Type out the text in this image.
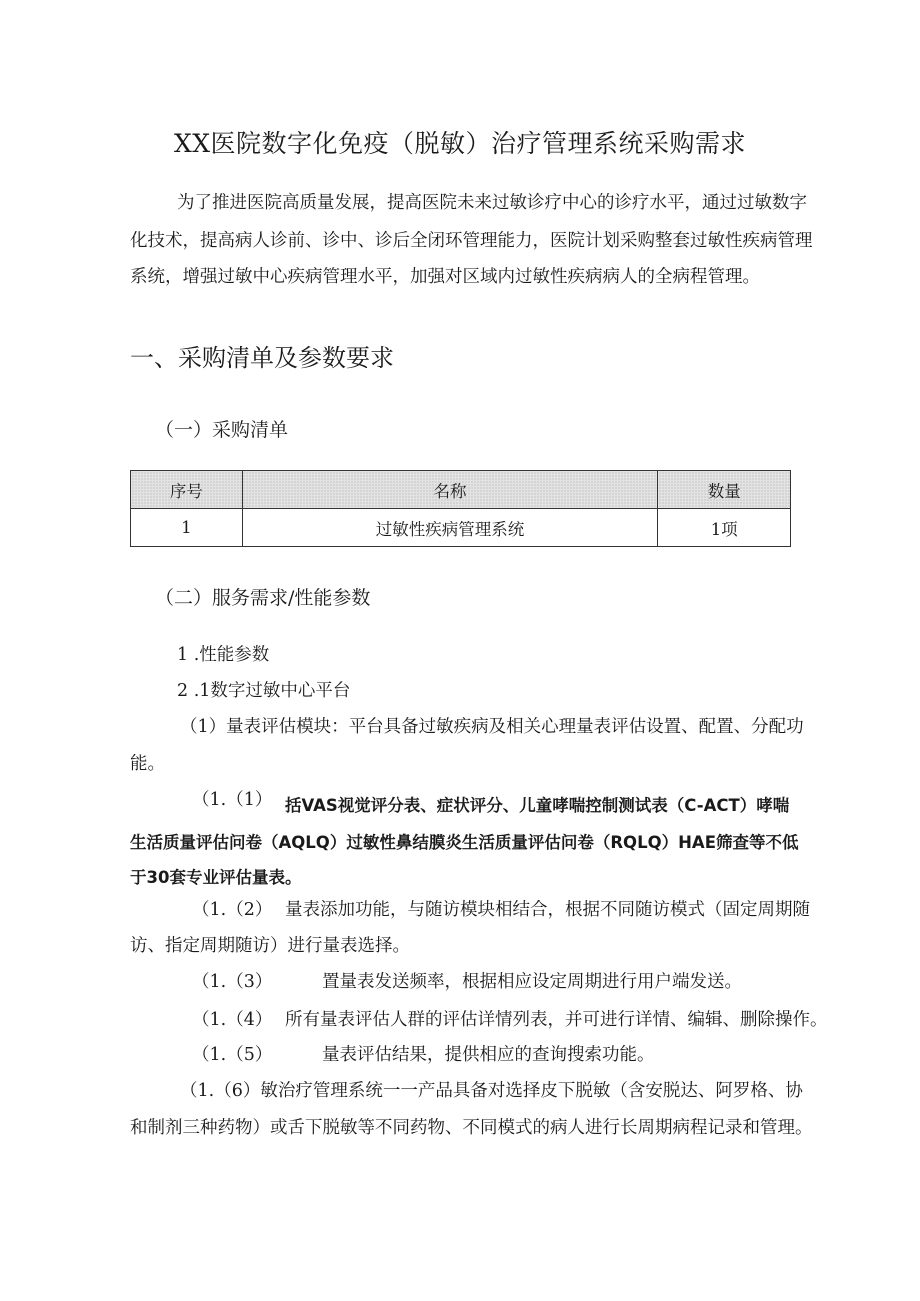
XX医院数字化免疫（脱敏）治疗管理系统采购需求
为了推进医院高质量发展，提高医院未来过敏诊疗中心的诊疗水平，通过过敏数字
化技术，提高病人诊前、诊中、诊后全闭环管理能力，医院计划采购整套过敏性疾病管理
系统，增强过敏中心疾病管理水平，加强对区域内过敏性疾病病人的全病程管理。
一、采购清单及参数要求
（一）采购清单
序号	名称	数量
1	过敏性疾病管理系统	1项
（二）服务需求/性能参数
1 .性能参数
2 .1数字过敏中心平台
（1）量表评估模块：平台具备过敏疾病及相关心理量表评估设置、配置、分配功
能。
（1.（1） 括VAS视觉评分表、症状评分、儿童哮喘控制测试表（C-ACT）哮喘
生活质量评估问卷（AQLQ）过敏性鼻结膜炎生活质量评估问卷（RQLQ）HAE筛查等不低
于30套专业评估量表。
（1.（2） 量表添加功能，与随访模块相结合，根据不同随访模式（固定周期随
访、指定周期随访）进行量表选择。
（1.（3）	置量表发送频率，根据相应设定周期进行用户端发送。
（1.（4） 所有量表评估人群的评估详情列表，并可进行详情、编辑、删除操作。
（1.（5）	量表评估结果，提供相应的查询搜索功能。
（1.（6）敏治疗管理系统一一产品具备对选择皮下脱敏（含安脱达、阿罗格、协
和制剂三种药物）或舌下脱敏等不同药物、不同模式的病人进行长周期病程记录和管理。
